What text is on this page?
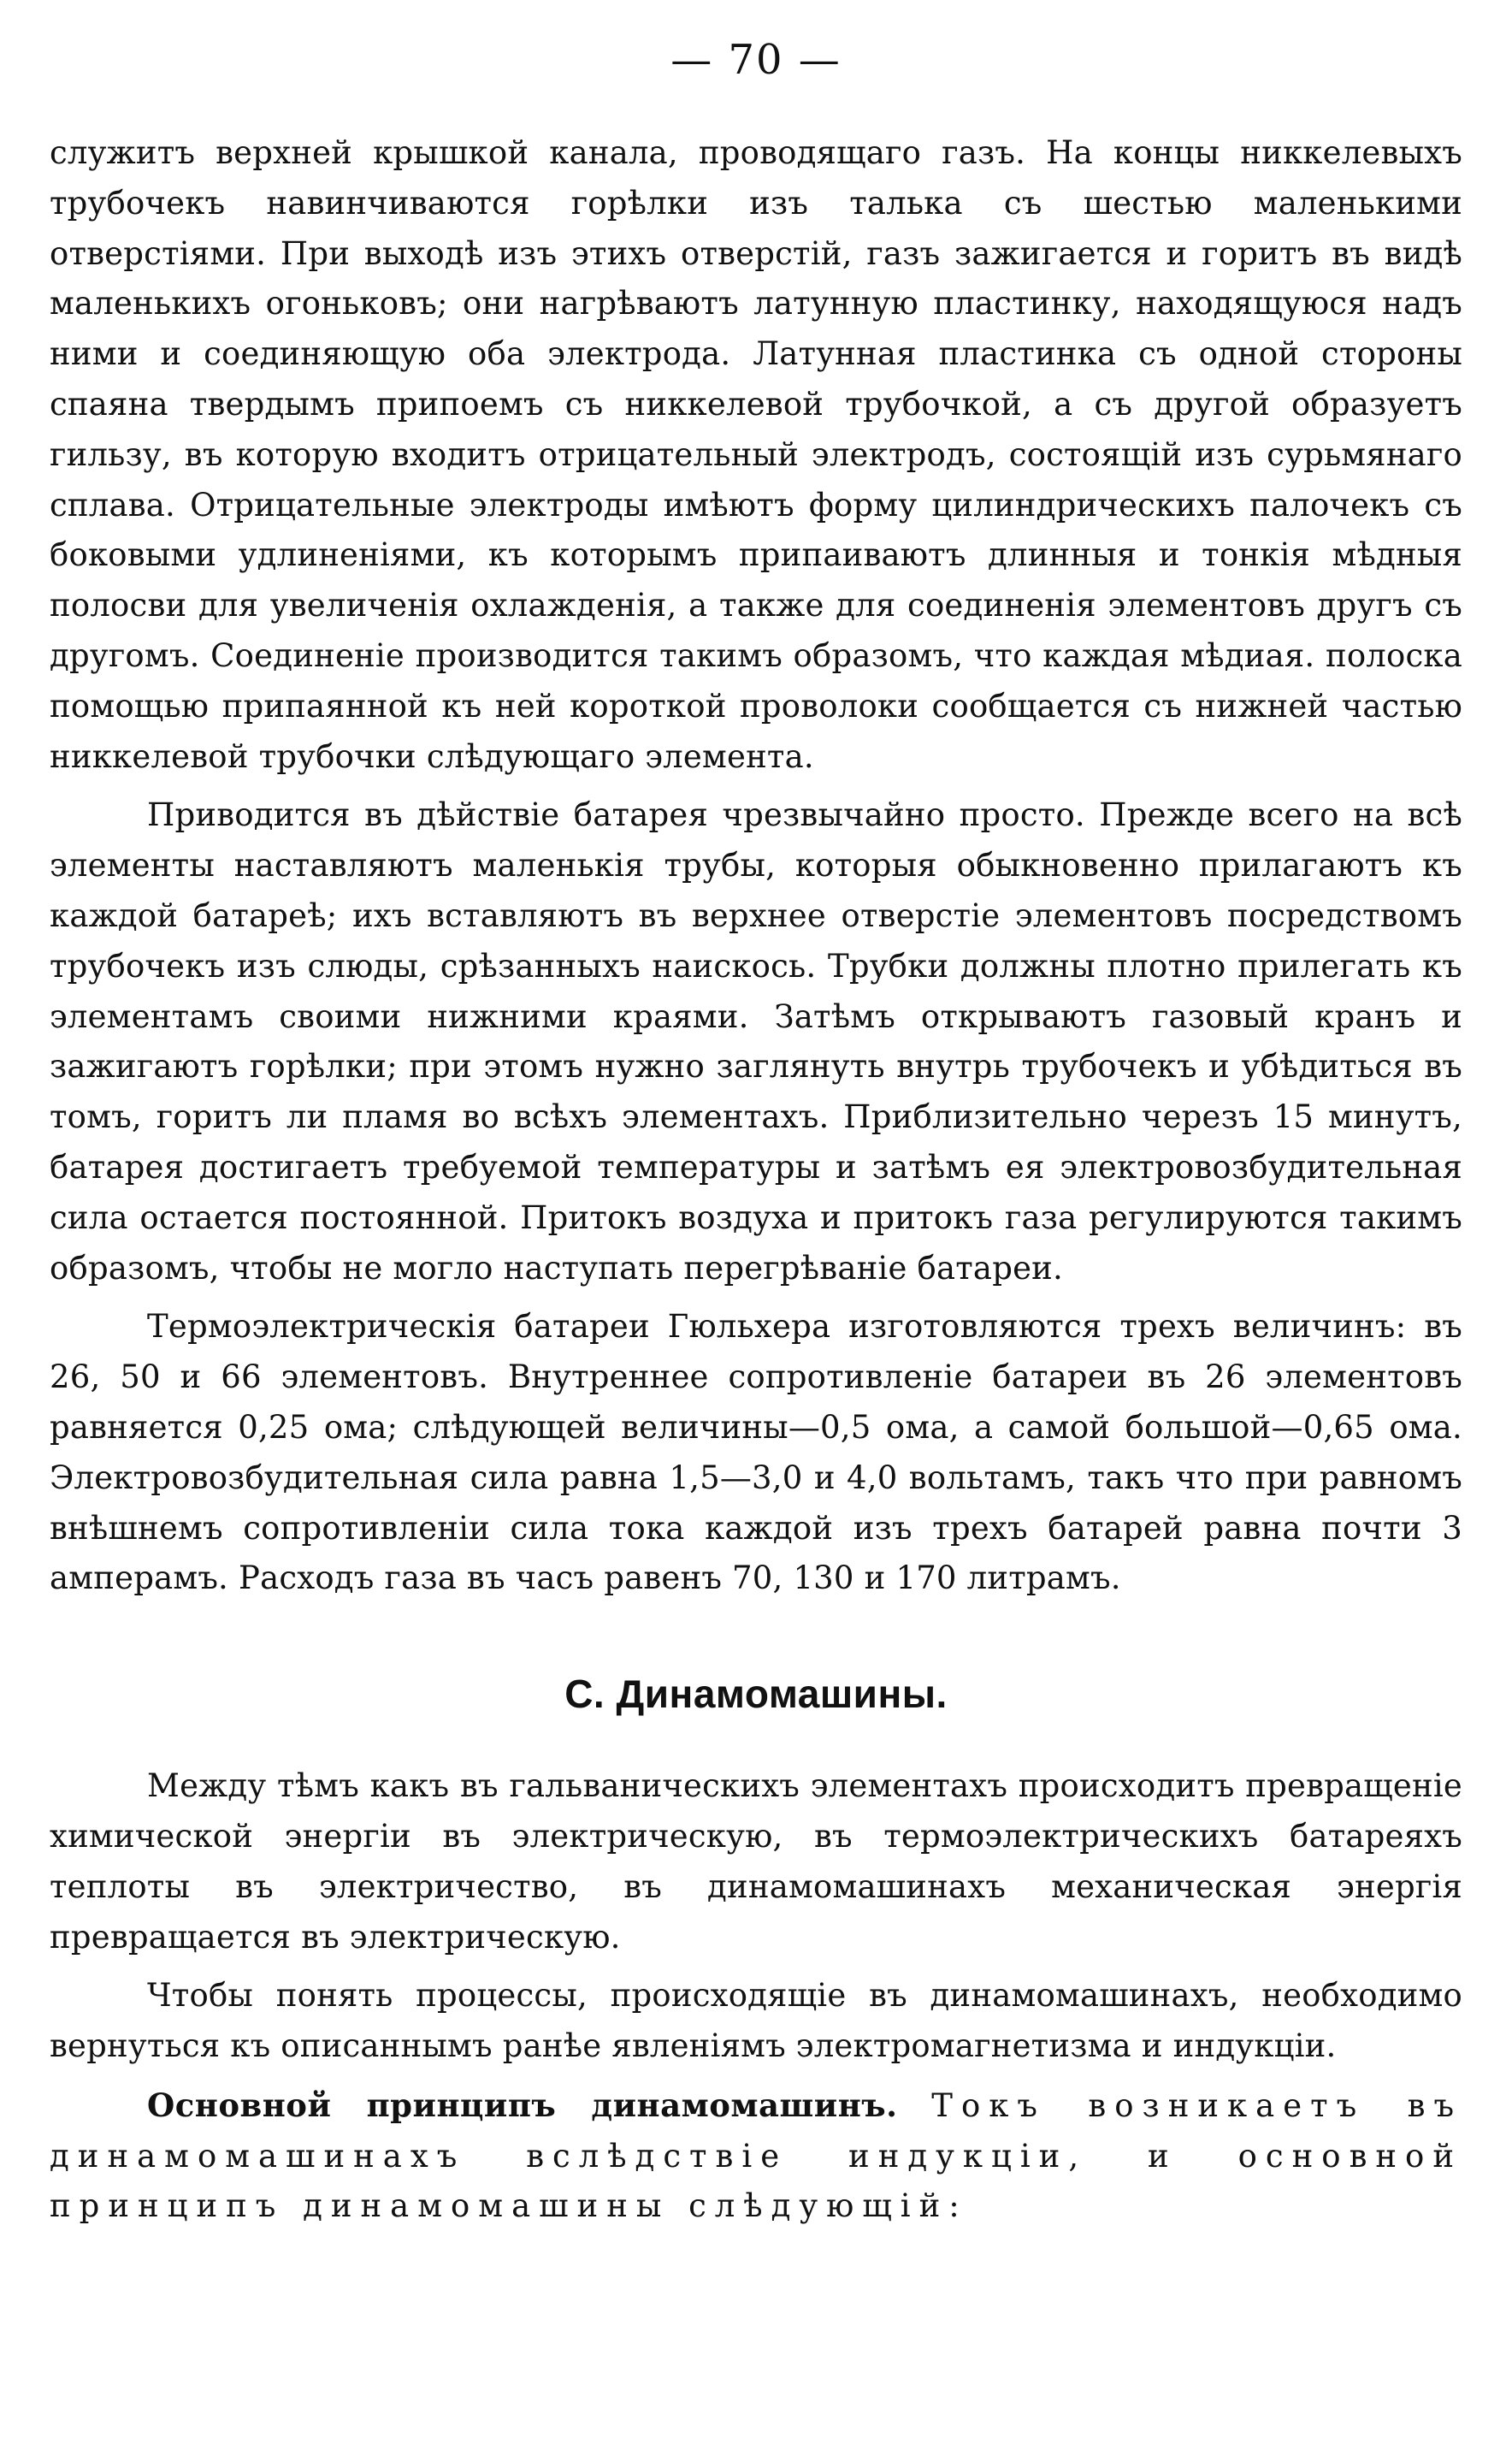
— 70 —

служитъ верхней крышкой канала, проводящаго газъ. На концы никкелевыхъ трубочекъ навинчиваются горѣлки изъ талька съ шестью маленькими отверстіями. При выходѣ изъ этихъ отверстій, газъ зажигается и горитъ въ видѣ маленькихъ огоньковъ; они нагрѣваютъ латунную пластинку, находящуюся надъ ними и соединяющую оба электрода. Латунная пластинка съ одной стороны спаяна твердымъ припоемъ съ никкелевой трубочкой, а съ другой образуетъ гильзу, въ которую входитъ отрицательный электродъ, состоящій изъ сурьмянаго сплава. Отрицательные электроды имѣютъ форму цилиндрическихъ палочекъ съ боковыми удлиненіями, къ которымъ припаиваютъ длинныя и тонкія мѣдныя полосви для увеличенія охлажденія, а также для соединенія элементовъ другъ съ другомъ. Соединеніе производится такимъ образомъ, что каждая мѣдиая. полоска помощью припаянной къ ней короткой проволоки сообщается съ нижней частью никкелевой трубочки слѣдующаго элемента.

Приводится въ дѣйствіе батарея чрезвычайно просто. Прежде всего на всѣ элементы наставляютъ маленькія трубы, которыя обыкновенно прилагаютъ къ каждой батареѣ; ихъ вставляютъ въ верхнее отверстіе элементовъ посредствомъ трубочекъ изъ слюды, срѣзанныхъ наискось. Трубки должны плотно прилегать къ элементамъ своими нижними краями. Затѣмъ открываютъ газовый кранъ и зажигаютъ горѣлки; при этомъ нужно заглянуть внутрь трубочекъ и убѣдиться въ томъ, горитъ ли пламя во всѣхъ элементахъ. Приблизительно черезъ 15 минутъ, батарея достигаетъ требуемой температуры и затѣмъ ея электровозбудительная сила остается постоянной. Притокъ воздуха и притокъ газа регулируются такимъ образомъ, чтобы не могло наступать перегрѣваніе батареи.

Термоэлектрическія батареи Гюльхера изготовляются трехъ величинъ: въ 26, 50 и 66 элементовъ. Внутреннее сопротивленіе батареи въ 26 элементовъ равняется 0,25 ома; слѣдующей величины—0,5 ома, а самой большой—0,65 ома. Электровозбудительная сила равна 1,5—3,0 и 4,0 вольтамъ, такъ что при равномъ внѣшнемъ сопротивленіи сила тока каждой изъ трехъ батарей равна почти 3 амперамъ. Расходъ газа въ часъ равенъ 70, 130 и 170 литрамъ.

С. Динамомашины.

Между тѣмъ какъ въ гальваническихъ элементахъ происходитъ превращеніе химической энергіи въ электрическую, въ термоэлектрическихъ батареяхъ теплоты въ электричество, въ динамомашинахъ механическая энергія превращается въ электрическую.

Чтобы понять процессы, происходящіе въ динамомашинахъ, необходимо вернуться къ описаннымъ ранѣе явленіямъ электромагнетизма и индукціи.

Основной принципъ динамомашинъ. Токъ возникаетъ въ динамомашинахъ вслѣдствіе индукціи, и основной принципъ динамомашины слѣдующій:
